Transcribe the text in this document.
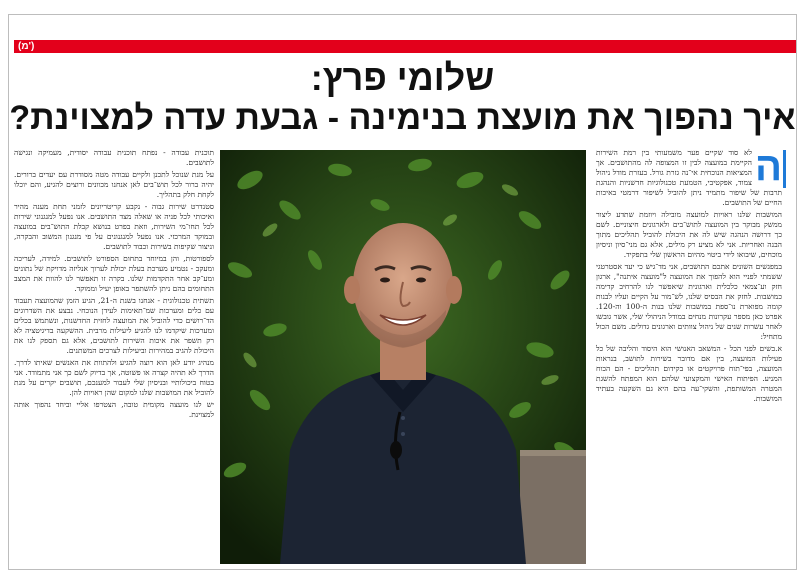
(מ')
שלומי פרץ:
איך נהפוך את מועצת בנימינה - גבעת עדה למצוינת?

תוכנית עבודה - נפתח תוכנית עבודה יסודית, מעמיקה ונגישה לתושבים.

על מנת שנוכל לתכנן ולקיים עבודה מטה מסודרת עם יעדים ברורים. יהיה ברור לכל תוש־בים לאן אנחנו מכוונים ורוצים להגיע, והם יוכלו לקחת חלק בתהליך.

סטנדרט שירות גבוה - נקבע קריטריונים לזמני תחת מענה מהיר ואיכותי לכל פניה או שאלה מצד התושבים. אנו נפעל למנגנוני שירות לכל תחו־מי השירות, וזאת בפרט בנושא קבלת התוש־בים במועצה ובמוקד המרכזי. אנו נפעל למנגנונים על פי מנגנון המשוב והבקרה, וניצור שקיפות בשירות וכבוד לתושבים.

לספורטות, והן במיוחד בתחום הספורט לתושבים. למידה, לעריכה ומעקב - נטמיע מערכת בעלת יכולת לערוך אנליזה מדויקת של נתונים ומע־קב אחר התקדמות שלנו. בקרה זו תאפשר לנו להוות את המצב התחומים בהם ניתן להשתפר באופן יעיל וממוקד.

תשתית טכנולוגית - אנחנו בשנת ה-21, הגיע הזמן שהמועצה תעבוד עם כלים ומערכות שמ־תאימות לעידן הנוכחי. נבצע את השדרוגים הד־רושים כדי להוביל את המועצה לחזית החדשנות, ונשתמש בכלים ומערכות שיקדמו לנו להגיע ליעילות מרבית. ההשקעה בדיגיטציה לא רק תשפר את איכות השירות לתושבים, אלא גם תספק לנו את היכולת להגיב במהירות וביעילות לצרכים המשתנים.

מנהיג יודע לאן הוא רוצה להגיע ולהתוות את האנשים שאיתו לדרך. הדרך לא תהיה קצרה או פשוטה, אך בדיוק לשם כך אני מתמודד. אני בטוח ביכולותיי ובניסיון שלי לעבור למענכם, תושבים יקרים על מנת להוביל את המושבות שלנו למקום שהן ראויות להן.

יש לנו מועצה מקומית טובה, הצטרפו אליי וביחד נהפוך אותה למצוינת.

ה

לא סוד שקיים פער משמעותי בין רמת השירות הקיימת במועצה לבין זו המצופה לה מהתושבים. אך המציאות הנוכחית אי־נה גזרת גורל. בעזרת מודל ניהול צמוד, אפקטיבי, הטמעת טכנולוגיות חדשניות והנהגת תרבות של שיפור מתמיד ניתן להוביל לשיפור דרמטי באיכות החיים של התושבים.

המושבות שלנו ראויות למועצה מובילה ויוזמת שתדע ליצור ממשק מבוקר בין המועצה לתוש־בים ולארגונים חיצוניים. לשם כך דרושה הנהגה שיש לה את היכולת להוביל תהליכים מתוך הבנה ואחריות. אני לא מציע רק מילים, אלא גם מני־סיון וניסיון מוכחים, שיבואו לידי ביטוי מהיום הראשון שלי בתפקיד.

במפגשים השונים אתכם התושבים, אני מד־גיש כי יעד אסטרטגי ששמתי לפניי הוא להפוך את המועצה ל"מועצה איתנה", ארגון חזק וע־צמאי כלכלית וארגונית שיאפשר לנו להרחיב קדימה כמושבות. לחזק את הבסיס שלנו, לש־מור על הקיים ועליו לבנות קומה מפוארת נו־ספת במושבות שלנו בנות ה-100 וה-120. אפרט כאן מספר עקרונות מנחים במודל הניהולי שלי, אשר גובשו לאחר עשרות שנים של ניהול צוותים וארגונים גדולים. משם הכול מתחיל:

א.בשים לפני הכל - המשאב האנושי הוא היסוד והליבה של כל פעילות המועצה, בין אם מדובר בשירות לתושב, בנראות המועצה, בפי־תוח פרויקטים או בקידום תהליכים - הם הכוח המניע. הפיתוח האישי והמקצועי שלהם הוא המפתח להשגת המטרה המשותפת, והשקי־עה בהם היא גם השקעה בעתיד המושבות.
